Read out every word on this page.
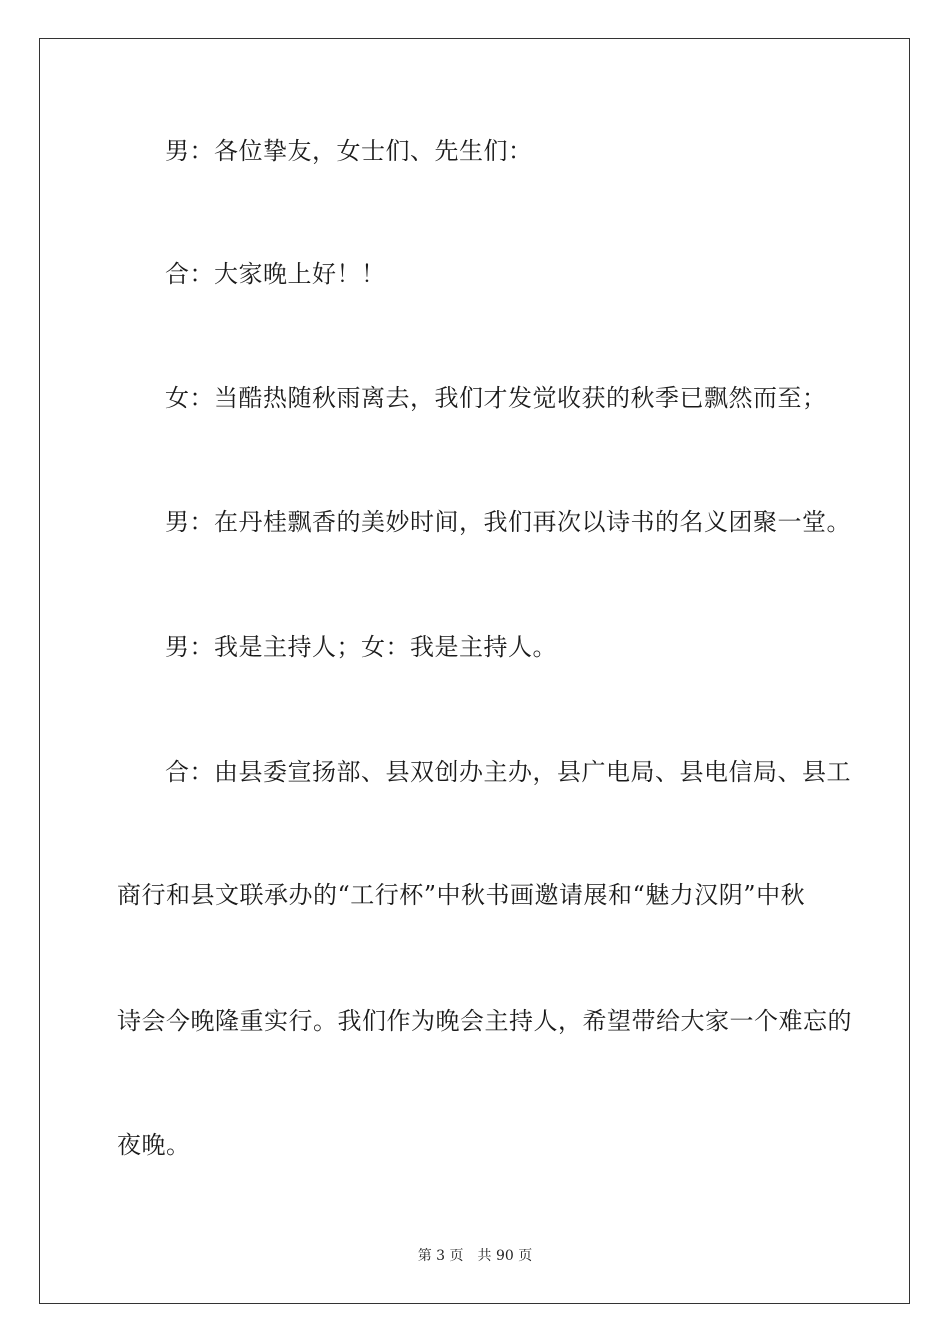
男：各位挚友，女士们、先生们：
合：大家晚上好！！
女：当酷热随秋雨离去，我们才发觉收获的秋季已飘然而至；
男：在丹桂飘香的美妙时间，我们再次以诗书的名义团聚一堂。
男：我是主持人；女：我是主持人。
合：由县委宣扬部、县双创办主办，县广电局、县电信局、县工
商行和县文联承办的“工行杯”中秋书画邀请展和“魅力汉阴”中秋
诗会今晚隆重实行。我们作为晚会主持人，希望带给大家一个难忘的
夜晚。
第 3 页　共 90 页
